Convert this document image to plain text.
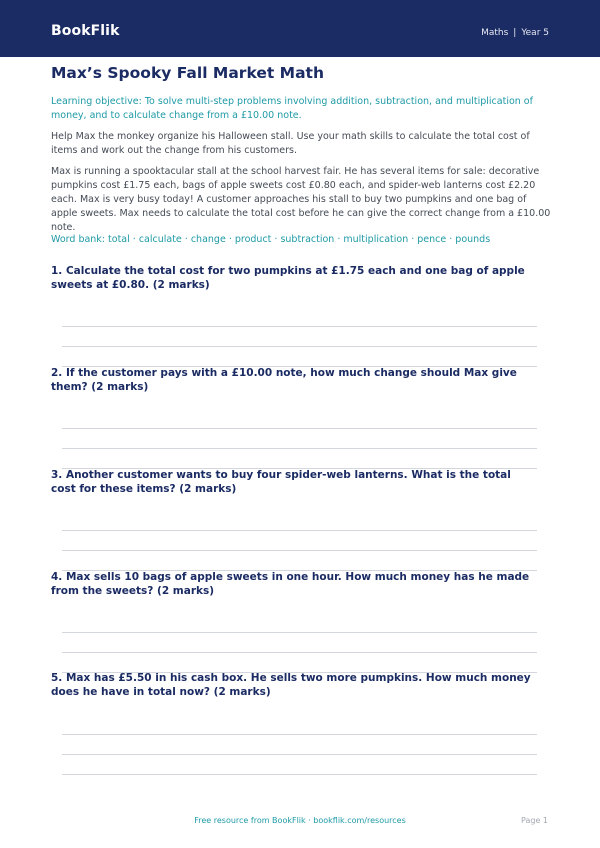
BookFlik	Maths | Year 5
Max’s Spooky Fall Market Math
Learning objective: To solve multi-step problems involving addition, subtraction, and multiplication of money, and to calculate change from a £10.00 note.
Help Max the monkey organize his Halloween stall. Use your math skills to calculate the total cost of items and work out the change from his customers.
Max is running a spooktacular stall at the school harvest fair. He has several items for sale: decorative pumpkins cost £1.75 each, bags of apple sweets cost £0.80 each, and spider-web lanterns cost £2.20 each. Max is very busy today! A customer approaches his stall to buy two pumpkins and one bag of apple sweets. Max needs to calculate the total cost before he can give the correct change from a £10.00 note.
Word bank: total · calculate · change · product · subtraction · multiplication · pence · pounds
1. Calculate the total cost for two pumpkins at £1.75 each and one bag of apple sweets at £0.80. (2 marks)
2. If the customer pays with a £10.00 note, how much change should Max give them? (2 marks)
3. Another customer wants to buy four spider-web lanterns. What is the total cost for these items? (2 marks)
4. Max sells 10 bags of apple sweets in one hour. How much money has he made from the sweets? (2 marks)
5. Max has £5.50 in his cash box. He sells two more pumpkins. How much money does he have in total now? (2 marks)
Free resource from BookFlik · bookflik.com/resources	Page 1
